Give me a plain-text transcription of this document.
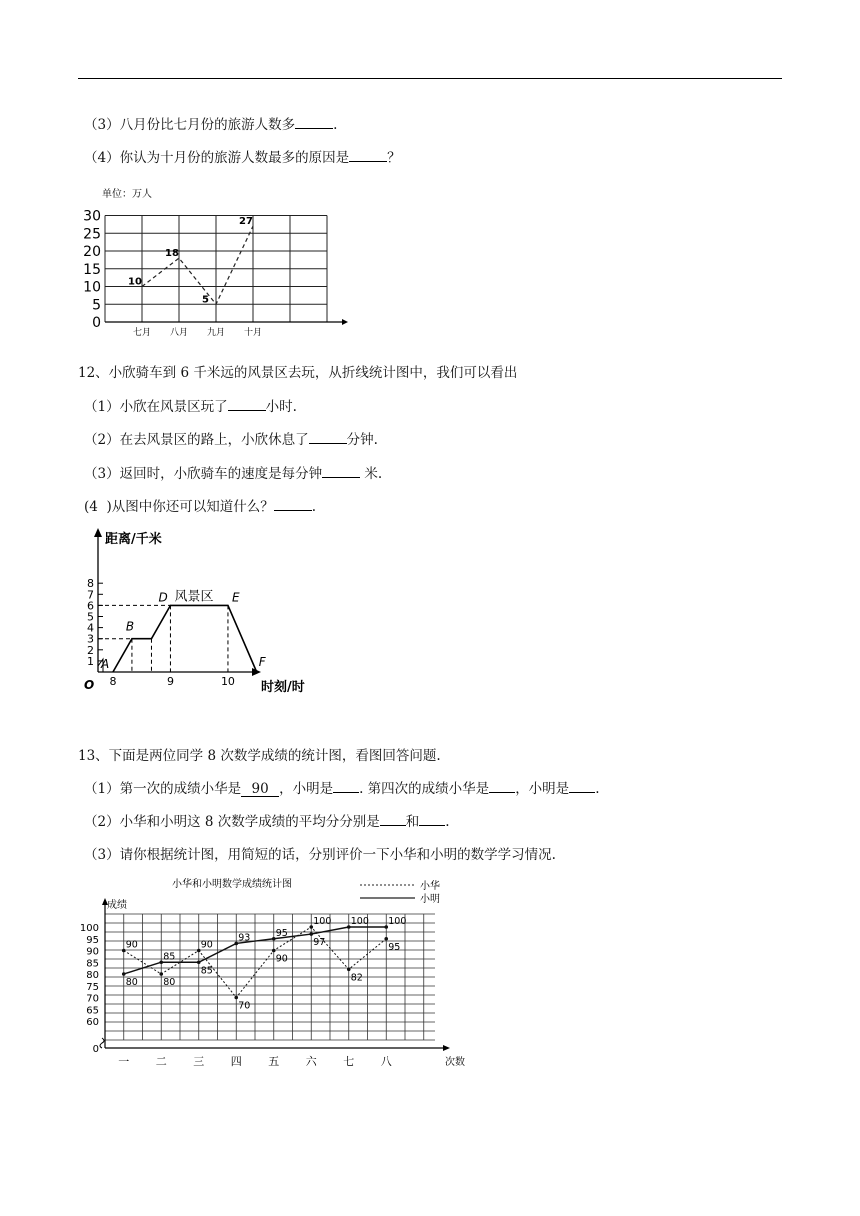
（3）八月份比七月份的旅游人数多	.
（4）你认为十月份的旅游人数最多的原因是	？
单位：万人
0
5
10
15
20
25
30
10
18
5
27
七月 八月 九月 十月
12、小欣骑车到 6 千米远的风景区去玩，从折线统计图中，我们可以看出
（1）小欣在风景区玩了	小时.
（2）在去风景区的路上，小欣休息了	分钟.
（3）返回时，小欣骑车的速度是每分钟	米.
(4  )从图中你还可以知道什么？	.
距离/千米
时刻/时
O
1
2
3
4
5
6
7
8
8	9	10
A
B
D	E
F
风景区
13、下面是两位同学 8 次数学成绩的统计图，看图回答问题.
（1）第一次的成绩小华是 90 ，小明是 . 第四次的成绩小华是 ，小明是 .
（2）小华和小明这 8 次数学成绩的平均分分别是 和 .
（3）请你根据统计图，用简短的话，分别评价一下小华和小明的数学学习情况.
小华和小明数学成绩统计图	小华
小明
成绩
次数
0
60
65
70
75
80
85
90
95
100
一 二 三 四 五 六 七 八
90
80
90
70
90
100
82
95
80
85
85
93	95
97
100 100
